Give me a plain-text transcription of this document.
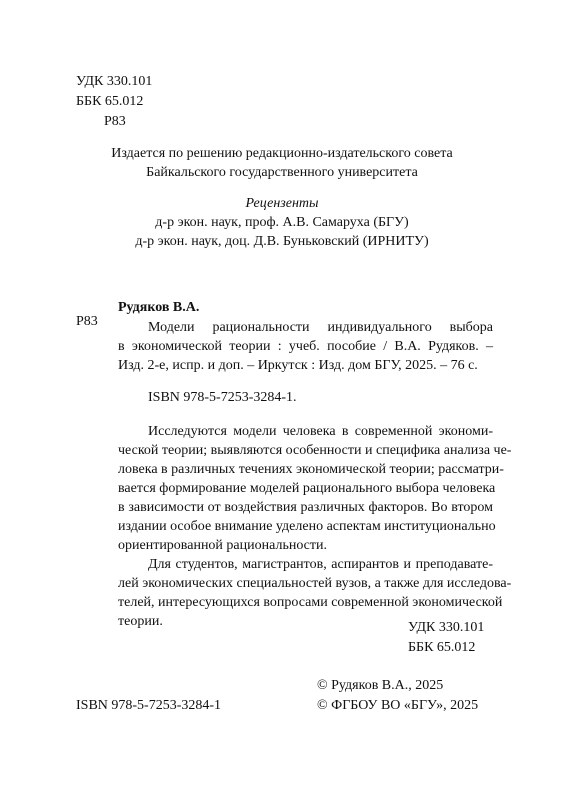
УДК 330.101
ББК 65.012
Р83
Издается по решению редакционно-издательского совета
Байкальского государственного университета
Рецензенты
д-р экон. наук, проф. А.В. Самаруха (БГУ)
д-р экон. наук, доц. Д.В. Буньковский (ИРНИТУ)
Р83
Рудяков В.А.
Модели рациональности индивидуального выбора
в экономической теории : учеб. пособие / В.А. Рудяков. –
Изд. 2-е, испр. и доп. – Иркутск : Изд. дом БГУ, 2025. – 76 с.
ISBN 978-5-7253-3284-1.
Исследуются модели человека в современной экономи-
ческой теории; выявляются особенности и специфика анализа че-
ловека в различных течениях экономической теории; рассматри-
вается формирование моделей рационального выбора человека
в зависимости от воздействия различных факторов. Во втором
издании особое внимание уделено аспектам институционально
ориентированной рациональности.
Для студентов, магистрантов, аспирантов и преподавате-
лей экономических специальностей вузов, а также для исследова-
телей, интересующихся вопросами современной экономической
теории.	УДК 330.101
ББК 65.012
© Рудяков В.А., 2025
ISBN 978-5-7253-3284-1	© ФГБОУ ВО «БГУ», 2025
